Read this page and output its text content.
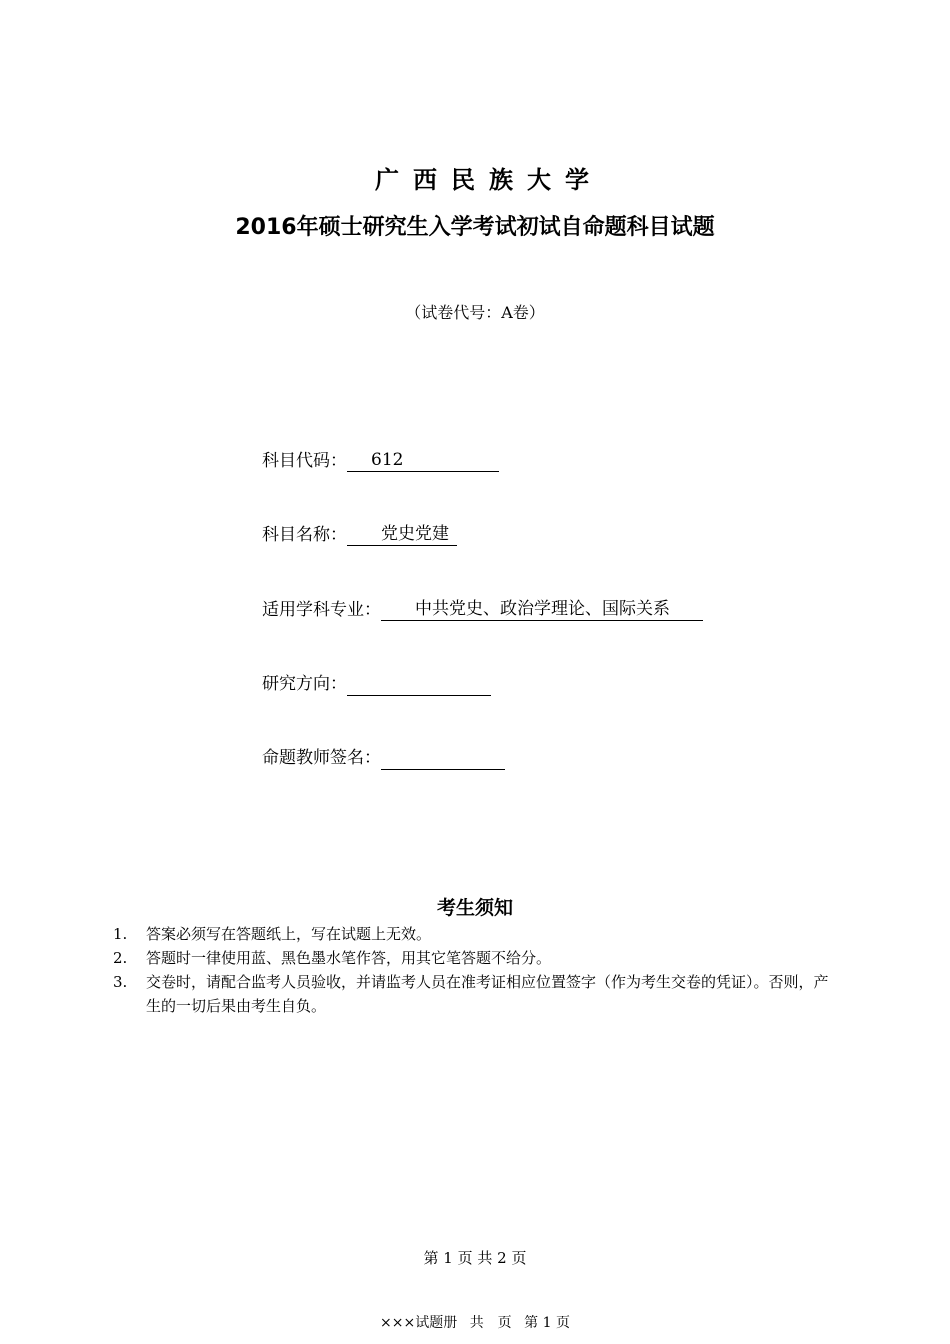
广西民族大学
2016年硕士研究生入学考试初试自命题科目试题
（试卷代号：A卷）
科目代码： 612
科目名称： 党史党建
适用学科专业： 中共党史、政治学理论、国际关系
研究方向：
命题教师签名：
考生须知
1. 答案必须写在答题纸上，写在试题上无效。
2. 答题时一律使用蓝、黑色墨水笔作答，用其它笔答题不给分。
3. 交卷时，请配合监考人员验收，并请监考人员在准考证相应位置签字（作为考生交卷的凭证）。否则，产生的一切后果由考生自负。
第 1 页 共 2 页
×××试题册 共　页 第 1 页
